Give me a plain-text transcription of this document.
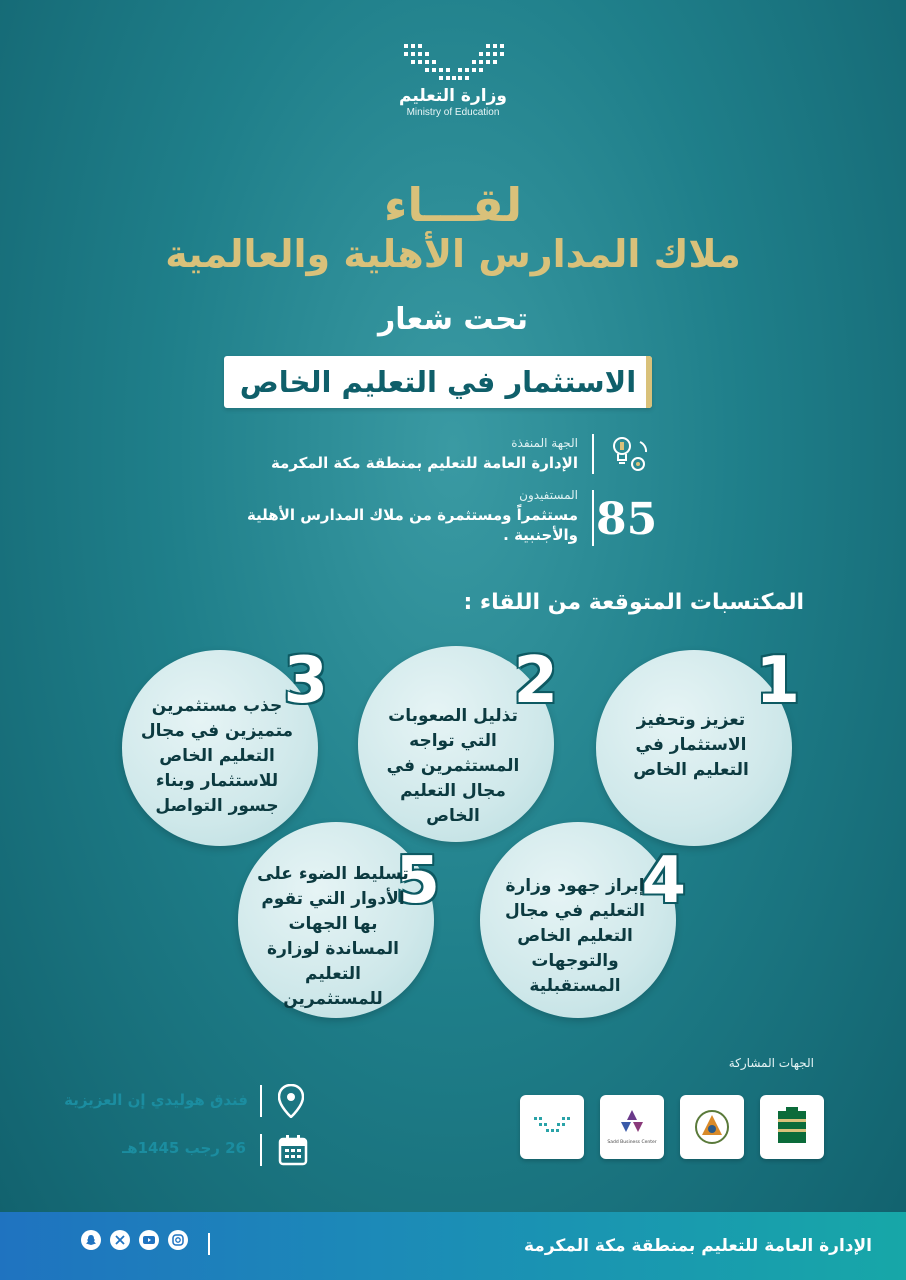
وزارة التعليم
Ministry of Education
لقـــاء
ملاك المدارس الأهلية والعالمية
تحت شعار
الاستثمار في التعليم الخاص
الجهة المنفذة
الإدارة العامة للتعليم بمنطقة مكة المكرمة
85
المستفيدون
مستثمراً ومستثمرة من ملاك المدارس الأهلية
والأجنبية .
المكتسبات المتوقعة من اللقاء :
1
تعزيز وتحفيز الاستثمار في التعليم الخاص
2
تذليل الصعوبات التي تواجه المستثمرين في مجال التعليم الخاص
3
جذب مستثمرين متميزين في مجال التعليم الخاص للاستثمار وبناء جسور التواصل
4
إبراز جهود وزارة التعليم في مجال التعليم الخاص والتوجهات المستقبلية
5
تسليط الضوء على الأدوار التي تقوم بها الجهات المساندة لوزارة التعليم للمستثمرين
الجهات المشاركة
Sadd Business Center
فندق هوليدي إن العزيزية
26 رجب 1445هـ
الإدارة العامة للتعليم بمنطقة مكة المكرمة
